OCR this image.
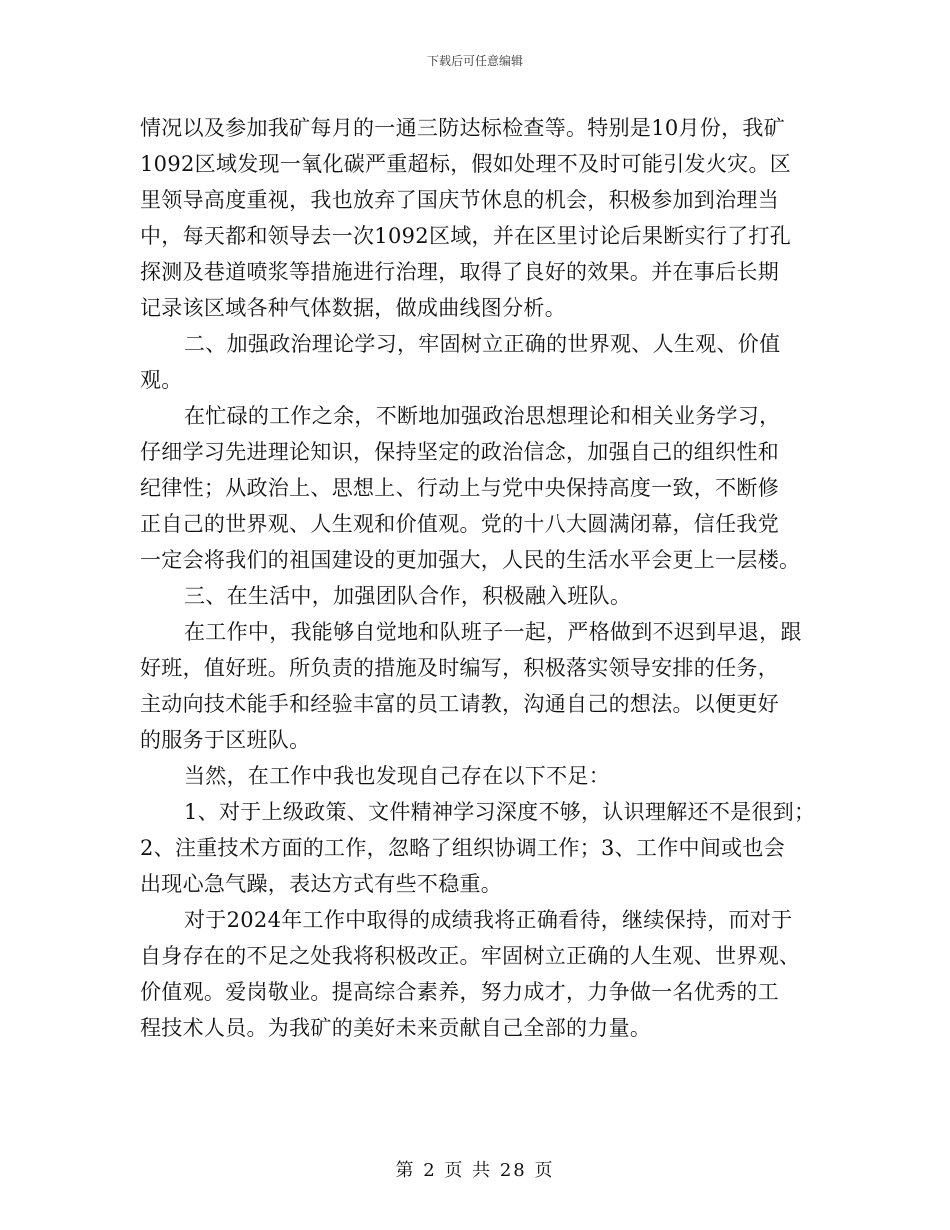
下载后可任意编辑
情况以及参加我矿每月的一通三防达标检查等。特别是10月份，我矿
1092区域发现一氧化碳严重超标，假如处理不及时可能引发火灾。区
里领导高度重视，我也放弃了国庆节休息的机会，积极参加到治理当
中，每天都和领导去一次1092区域，并在区里讨论后果断实行了打孔
探测及巷道喷浆等措施进行治理，取得了良好的效果。并在事后长期
记录该区域各种气体数据，做成曲线图分析。
二、加强政治理论学习，牢固树立正确的世界观、人生观、价值
观。
在忙碌的工作之余，不断地加强政治思想理论和相关业务学习，
仔细学习先进理论知识，保持坚定的政治信念，加强自己的组织性和
纪律性；从政治上、思想上、行动上与党中央保持高度一致，不断修
正自己的世界观、人生观和价值观。党的十八大圆满闭幕，信任我党
一定会将我们的祖国建设的更加强大，人民的生活水平会更上一层楼。
三、在生活中，加强团队合作，积极融入班队。
在工作中，我能够自觉地和队班子一起，严格做到不迟到早退，跟
好班，值好班。所负责的措施及时编写，积极落实领导安排的任务，
主动向技术能手和经验丰富的员工请教，沟通自己的想法。以便更好
的服务于区班队。
当然，在工作中我也发现自己存在以下不足：
1、对于上级政策、文件精神学习深度不够，认识理解还不是很到；
2、注重技术方面的工作，忽略了组织协调工作；3、工作中间或也会
出现心急气躁，表达方式有些不稳重。
对于2024年工作中取得的成绩我将正确看待，继续保持，而对于
自身存在的不足之处我将积极改正。牢固树立正确的人生观、世界观、
价值观。爱岗敬业。提高综合素养，努力成才，力争做一名优秀的工
程技术人员。为我矿的美好未来贡献自己全部的力量。
第 2 页 共 28 页
